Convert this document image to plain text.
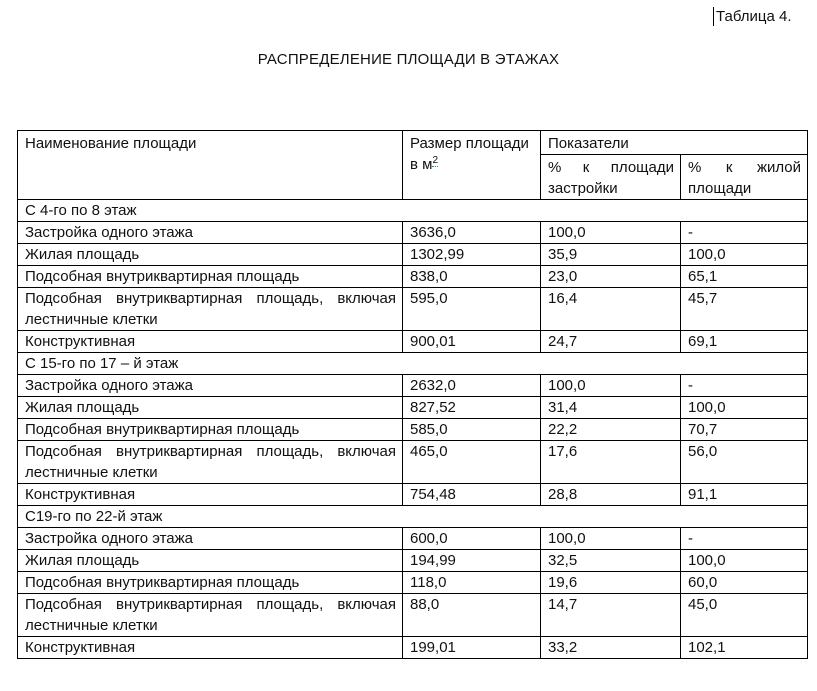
Таблица 4.
РАСПРЕДЕЛЕНИЕ ПЛОЩАДИ В ЭТАЖАХ
Наименование площади	Размер площади в $м^2$	Показатели	
		% к площади застройки	% к жилой площади
С 4-го по 8 этаж			
Застройка одного этажа	3636,0	100,0	-
Жилая площадь	1302,99	35,9	100,0
Подсобная внутриквартирная площадь	838,0	23,0	65,1
Подсобная внутриквартирная площадь, включая лестничные клетки	595,0	16,4	45,7
Конструктивная	900,01	24,7	69,1
С 15-го по 17 – й этаж			
Застройка одного этажа	2632,0	100,0	-
Жилая площадь	827,52	31,4	100,0
Подсобная внутриквартирная площадь	585,0	22,2	70,7
Подсобная внутриквартирная площадь, включая лестничные клетки	465,0	17,6	56,0
Конструктивная	754,48	28,8	91,1
С19-го по 22-й этаж			
Застройка одного этажа	600,0	100,0	-
Жилая площадь	194,99	32,5	100,0
Подсобная внутриквартирная площадь	118,0	19,6	60,0
Подсобная внутриквартирная площадь, включая лестничные клетки	88,0	14,7	45,0
Конструктивная	199,01	33,2	102,1
